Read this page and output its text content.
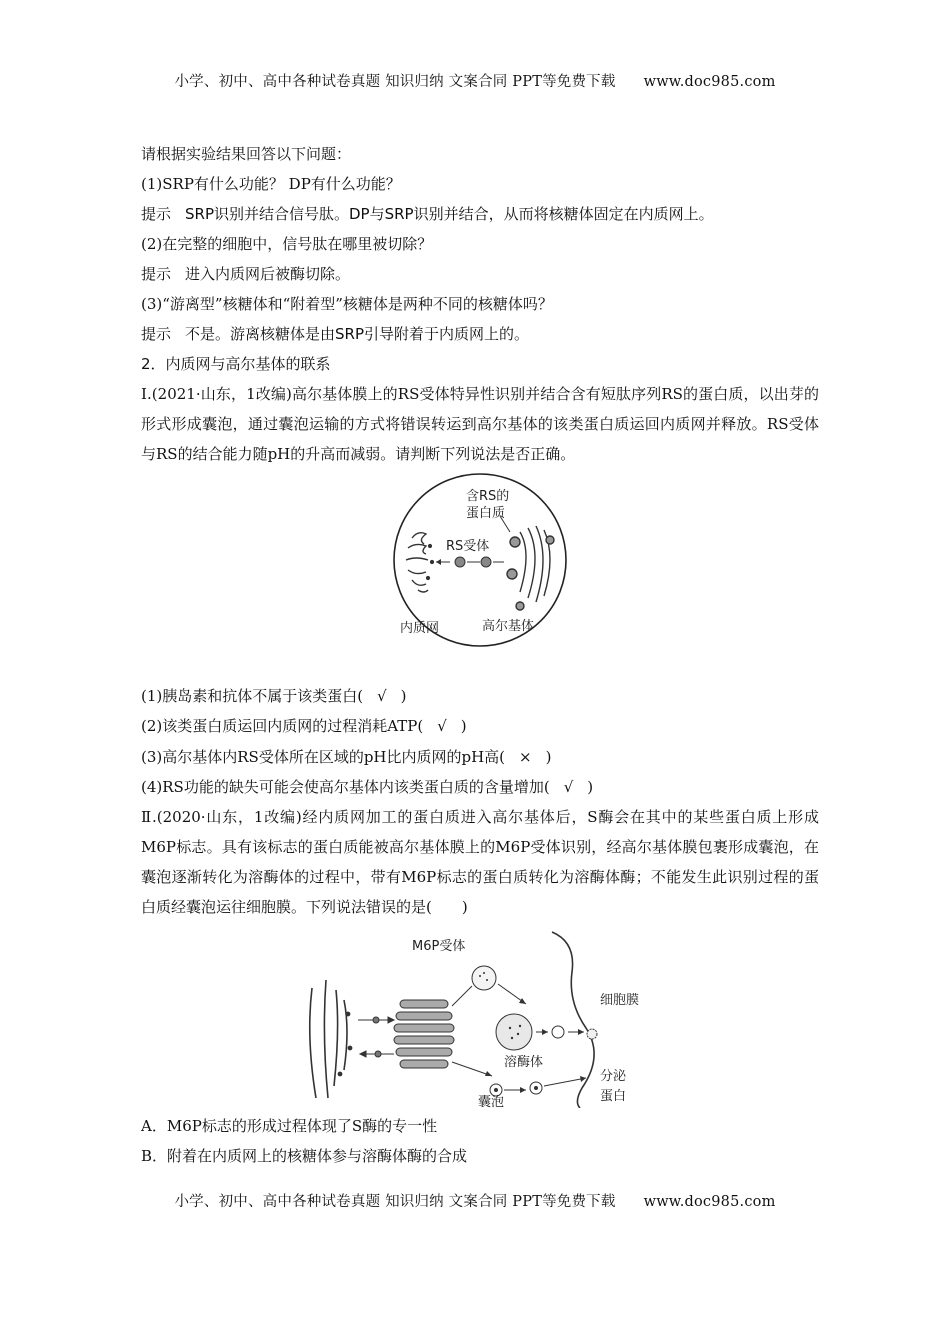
小学、初中、高中各种试卷真题 知识归纳 文案合同 PPT等免费下载 www.doc985.com
请根据实验结果回答以下问题：
(1)SRP有什么功能？ DP有什么功能？
提示 SRP识别并结合信号肽。DP与SRP识别并结合，从而将核糖体固定在内质网上。
(2)在完整的细胞中，信号肽在哪里被切除？
提示 进入内质网后被酶切除。
(3)“游离型”核糖体和“附着型”核糖体是两种不同的核糖体吗？
提示 不是。游离核糖体是由SRP引导附着于内质网上的。
2．内质网与高尔基体的联系
Ⅰ.(2021·山东，1改编)高尔基体膜上的RS受体特异性识别并结合含有短肽序列RS的蛋白质，以出芽的形式形成囊泡，通过囊泡运输的方式将错误转运到高尔基体的该类蛋白质运回内质网并释放。RS受体与RS的结合能力随pH的升高而减弱。请判断下列说法是否正确。
含RS的
蛋白质
RS受体
内质网	高尔基体
(1)胰岛素和抗体不属于该类蛋白( √ )
(2)该类蛋白质运回内质网的过程消耗ATP( √ )
(3)高尔基体内RS受体所在区域的pH比内质网的pH高( × )
(4)RS功能的缺失可能会使高尔基体内该类蛋白质的含量增加( √ )
Ⅱ.(2020·山东，1改编)经内质网加工的蛋白质进入高尔基体后，S酶会在其中的某些蛋白质上形成M6P标志。具有该标志的蛋白质能被高尔基体膜上的M6P受体识别，经高尔基体膜包裹形成囊泡，在囊泡逐渐转化为溶酶体的过程中，带有M6P标志的蛋白质转化为溶酶体酶；不能发生此识别过程的蛋白质经囊泡运往细胞膜。下列说法错误的是(　　)
M6P受体
细胞膜
溶酶体
囊泡
分泌
蛋白
A．M6P标志的形成过程体现了S酶的专一性
B．附着在内质网上的核糖体参与溶酶体酶的合成
小学、初中、高中各种试卷真题 知识归纳 文案合同 PPT等免费下载 www.doc985.com
